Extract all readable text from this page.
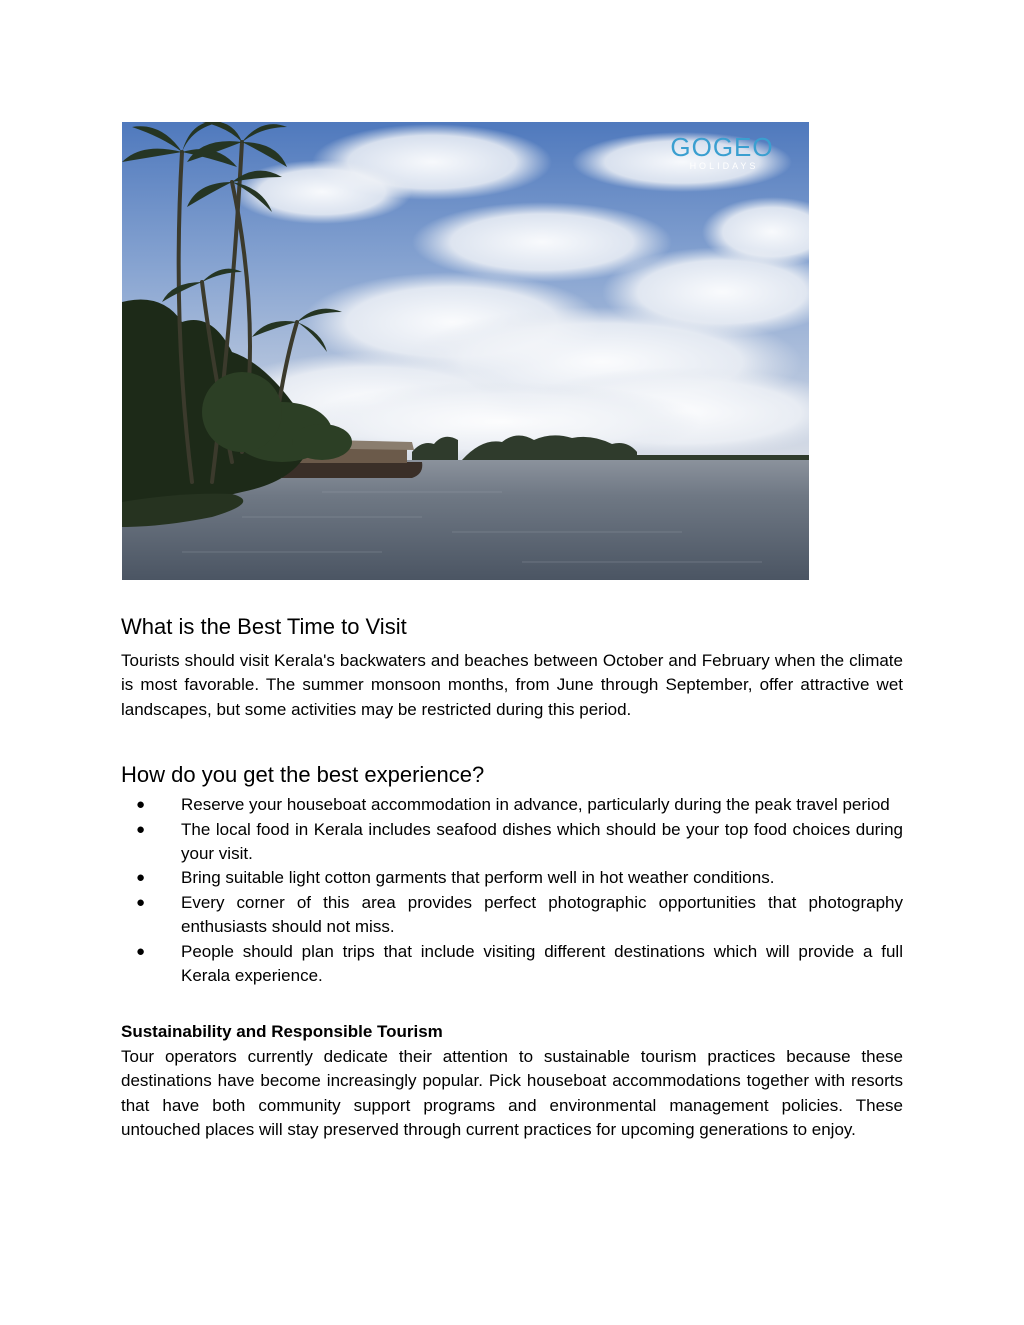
GOGEO
HOLIDAYS
What is the Best Time to Visit

Tourists should visit Kerala's backwaters and beaches between October and February when the climate is most favorable. The summer monsoon months, from June through September, offer attractive wet landscapes, but some activities may be restricted during this period.

How do you get the best experience?
● Reserve your houseboat accommodation in advance, particularly during the peak travel period
● The local food in Kerala includes seafood dishes which should be your top food choices during your visit.
● Bring suitable light cotton garments that perform well in hot weather conditions.
● Every corner of this area provides perfect photographic opportunities that photography enthusiasts should not miss.
● People should plan trips that include visiting different destinations which will provide a full Kerala experience.
Sustainability and Responsible Tourism

Tour operators currently dedicate their attention to sustainable tourism practices because these destinations have become increasingly popular. Pick houseboat accommodations together with resorts that have both community support programs and environmental management policies. These untouched places will stay preserved through current practices for upcoming generations to enjoy.
